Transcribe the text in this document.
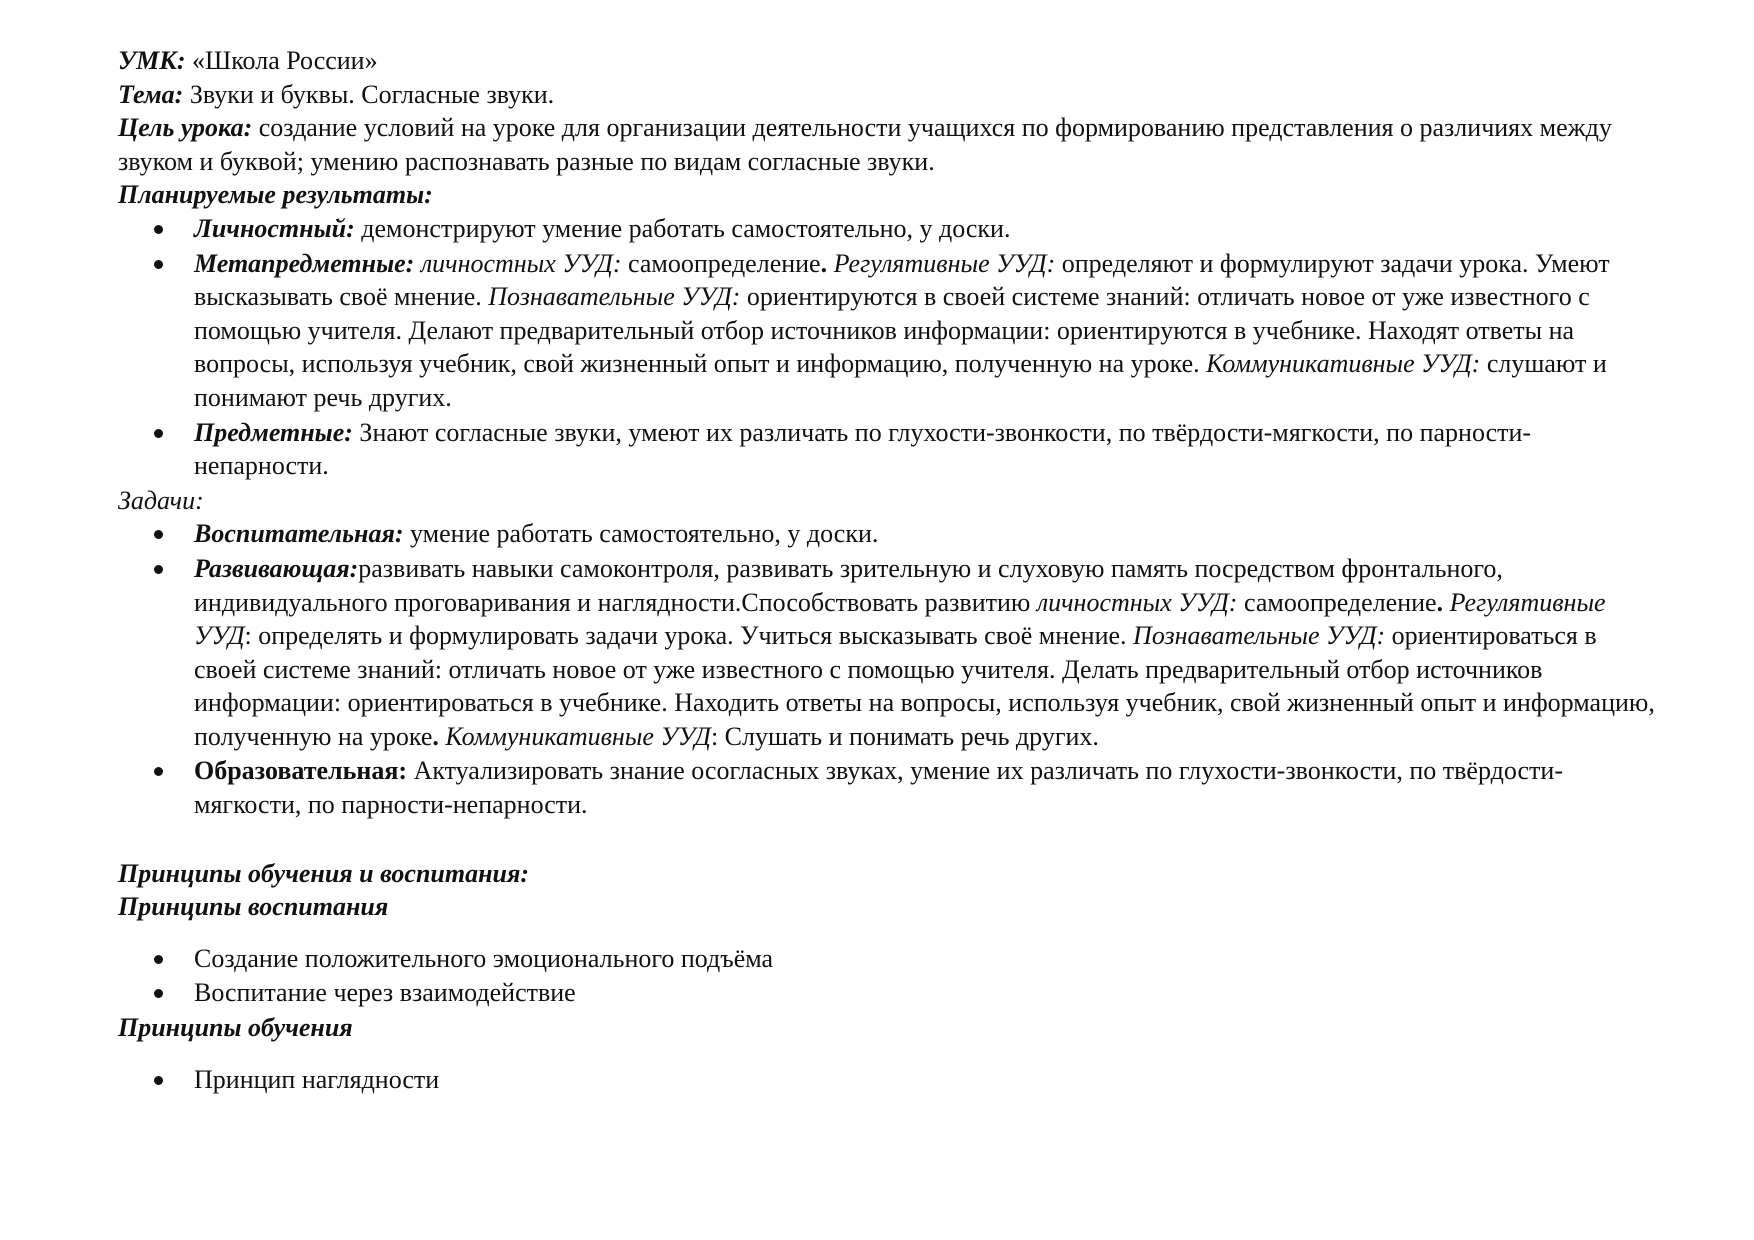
УМК: «Школа России»

Тема: Звуки и буквы. Согласные звуки.

Цель урока: создание условий на уроке для организации деятельности учащихся по формированию представления о различиях между звуком и буквой; умению распознавать разные по видам согласные звуки.

Планируемые результаты:

Личностный: демонстрируют умение работать самостоятельно, у доски.
Метапредметные: личностных УУД: самоопределение. Регулятивные УУД: определяют и формулируют задачи урока. Умеют высказывать своё мнение. Познавательные УУД: ориентируются в своей системе знаний: отличать новое от уже известного с помощью учителя. Делают предварительный отбор источников информации: ориентируются в учебнике. Находят ответы на вопросы, используя учебник, свой жизненный опыт и информацию, полученную на уроке. Коммуникативные УУД: слушают и понимают речь других.
Предметные: Знают согласные звуки, умеют их различать по глухости-звонкости, по твёрдости-мягкости, по парности-непарности.

Задачи:

Воспитательная: умение работать самостоятельно, у доски.
Развивающая:развивать навыки самоконтроля, развивать зрительную и слуховую память посредством фронтального, индивидуального проговаривания и наглядности.Способствовать развитию личностных УУД: самоопределение. Регулятивные УУД: определять и формулировать задачи урока. Учиться высказывать своё мнение. Познавательные УУД: ориентироваться в своей системе знаний: отличать новое от уже известного с помощью учителя. Делать предварительный отбор источников информации: ориентироваться в учебнике. Находить ответы на вопросы, используя учебник, свой жизненный опыт и информацию, полученную на уроке. Коммуникативные УУД: Слушать и понимать речь других.
Образовательная: Актуализировать знание осогласных звуках, умение их различать по глухости-звонкости, по твёрдости-мягкости, по парности-непарности.

Принципы обучения и воспитания:

Принципы воспитания

Создание положительного эмоционального подъёма
Воспитание через взаимодействие

Принципы обучения

Принцип наглядности
